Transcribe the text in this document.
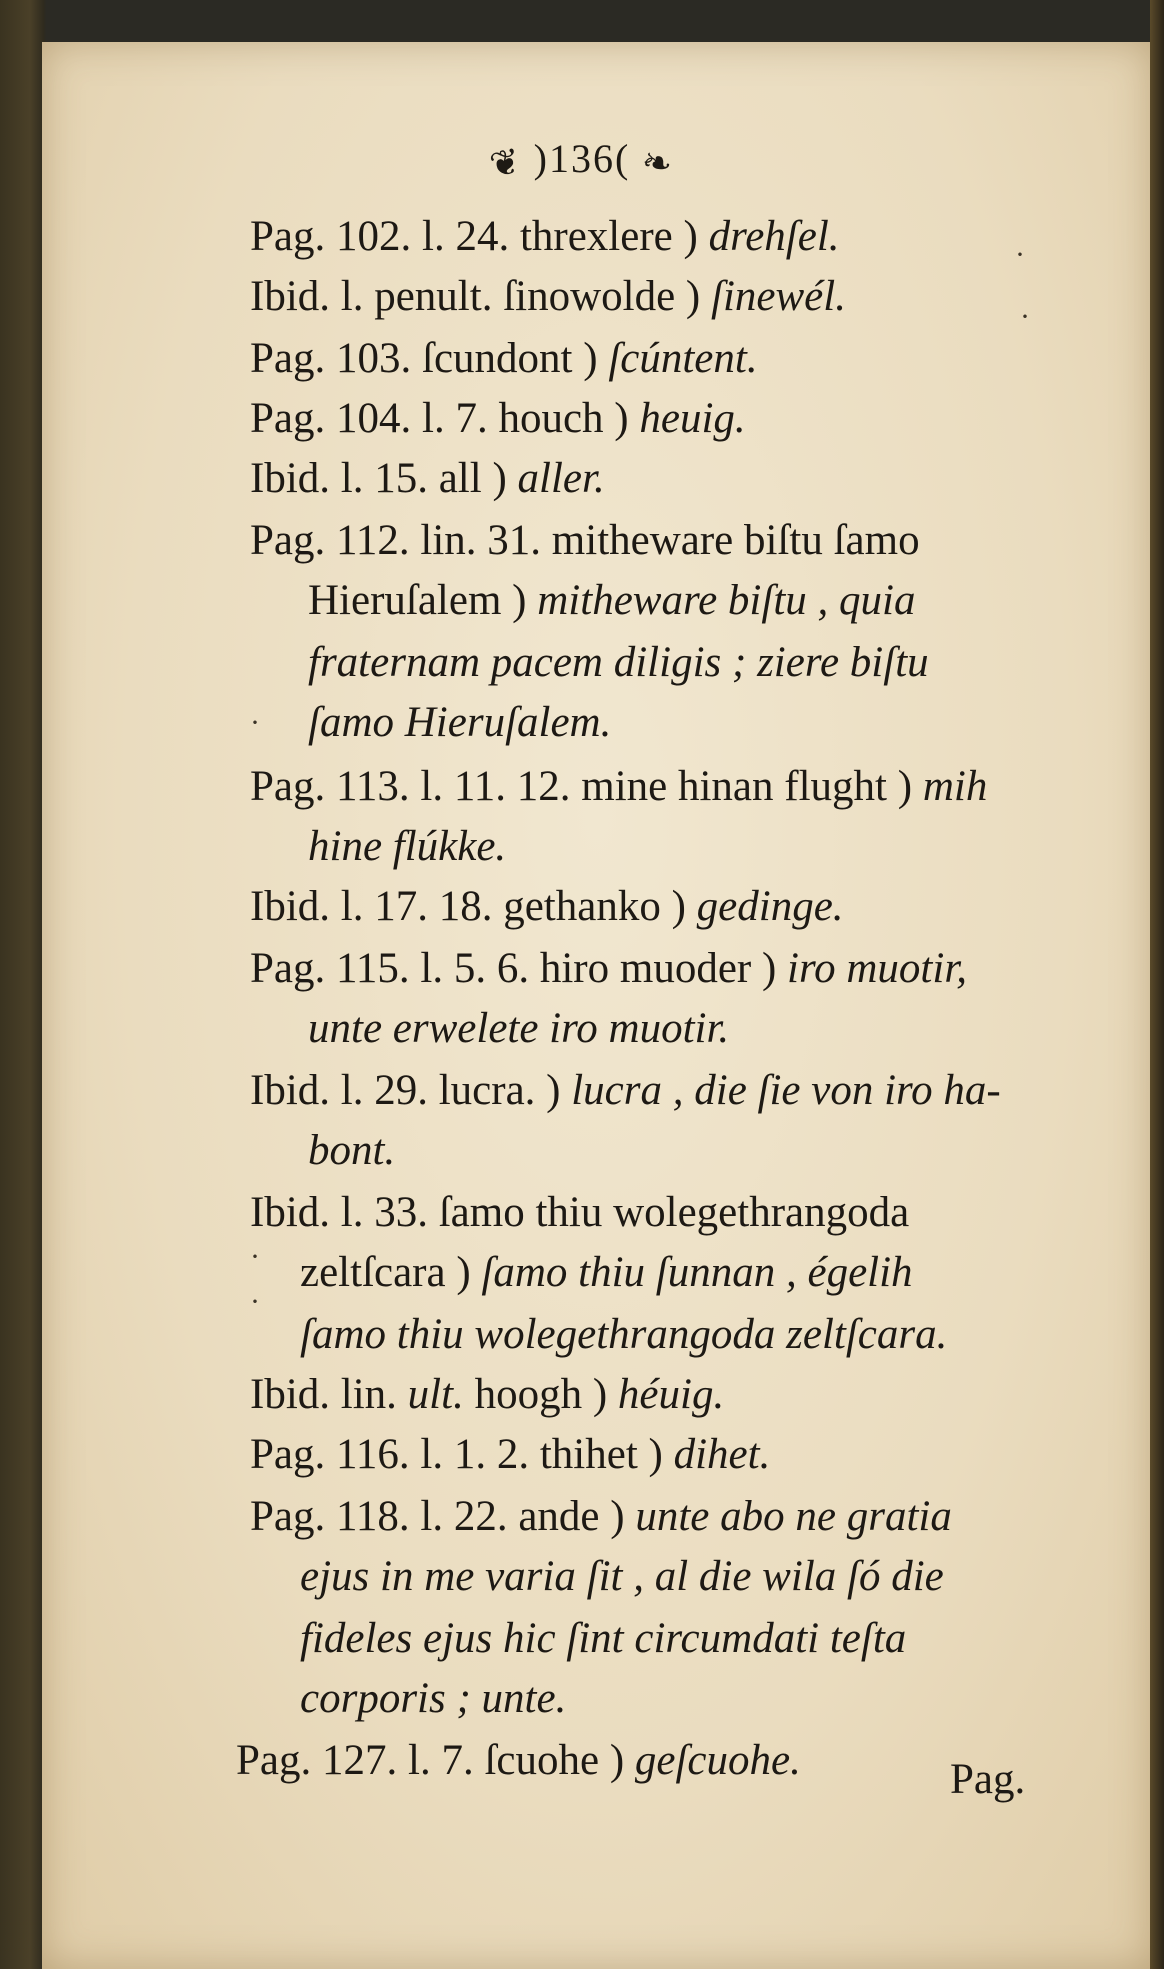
❦ )136( ❧
·
·
·
·
·
Pag. 102. l. 24. threxlere ) drehſel.
Ibid. l. penult. ſinowolde ) ſinewél.
Pag. 103. ſcundont ) ſcúntent.
Pag. 104. l. 7. houch ) heuig.
Ibid. l. 15. all ) aller.
Pag. 112. lin. 31. mitheware biſtu ſamo
Hieruſalem ) mitheware biſtu , quia
fraternam pacem diligis ; ziere biſtu
ſamo Hieruſalem.
Pag. 113. l. 11. 12. mine hinan flught ) mih
hine flúkke.
Ibid. l. 17. 18. gethanko ) gedinge.
Pag. 115. l. 5. 6. hiro muoder ) iro muotir,
unte erwelete iro muotir.
Ibid. l. 29. lucra. ) lucra , die ſie von iro ha-
bont.
Ibid. l. 33. ſamo thiu wolegethrangoda
zeltſcara ) ſamo thiu ſunnan , égelih
ſamo thiu wolegethrangoda zeltſcara.
Ibid. lin. ult. hoogh ) héuig.
Pag. 116. l. 1. 2. thihet ) dihet.
Pag. 118. l. 22. ande ) unte abo ne gratia
ejus in me varia ſit , al die wila ſó die
fideles ejus hic ſint circumdati teſta
corporis ; unte.
Pag. 127. l. 7. ſcuohe ) geſcuohe.	Pag.
